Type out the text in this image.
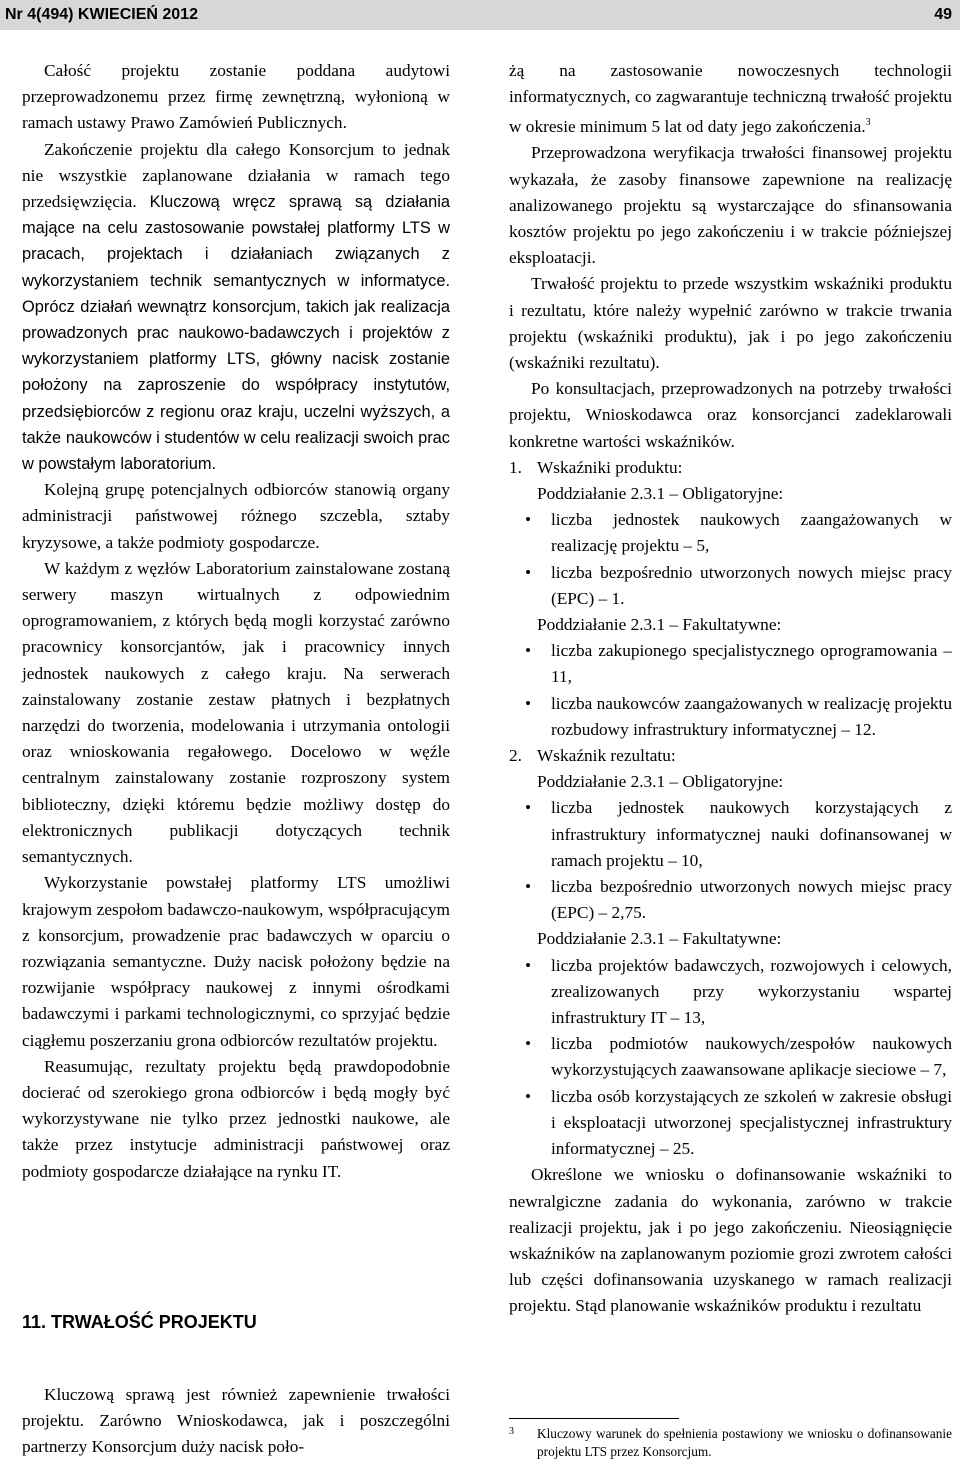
Nr 4(494) KWIECIEŃ 2012	49

Całość projektu zostanie poddana audytowi przeprowadzonemu przez firmę zewnętrzną, wyłonioną w ramach ustawy Prawo Zamówień Publicznych.

Zakończenie projektu dla całego Konsorcjum to jednak nie wszystkie zaplanowane działania w ramach tego przedsięwzięcia. Kluczową wręcz sprawą są działania mające na celu zastosowanie powstałej platformy LTS w pracach, projektach i działaniach związanych z wykorzystaniem technik semantycznych w informatyce. Oprócz działań wewnątrz konsorcjum, takich jak realizacja prowadzonych prac naukowo-badawczych i projektów z wykorzystaniem platformy LTS, główny nacisk zostanie położony na zaproszenie do współpracy instytutów, przedsiębiorców z regionu oraz kraju, uczelni wyższych, a także naukowców i studentów w celu realizacji swoich prac w powstałym laboratorium.

Kolejną grupę potencjalnych odbiorców stanowią organy administracji państwowej różnego szczebla, sztaby kryzysowe, a także podmioty gospodarcze.

W każdym z węzłów Laboratorium zainstalowane zostaną serwery maszyn wirtualnych z odpowiednim oprogramowaniem, z których będą mogli korzystać zarówno pracownicy konsorcjantów, jak i pracownicy innych jednostek naukowych z całego kraju. Na serwerach zainstalowany zostanie zestaw płatnych i bezpłatnych narzędzi do tworzenia, modelowania i utrzymania ontologii oraz wnioskowania regałowego. Docelowo w węźle centralnym zainstalowany zostanie rozproszony system biblioteczny, dzięki któremu będzie możliwy dostęp do elektronicznych publikacji dotyczących technik semantycznych.

Wykorzystanie powstałej platformy LTS umożliwi krajowym zespołom badawczo-naukowym, współpracującym z konsorcjum, prowadzenie prac badawczych w oparciu o rozwiązania semantyczne. Duży nacisk położony będzie na rozwijanie współpracy naukowej z innymi ośrodkami badawczymi i parkami technologicznymi, co sprzyjać będzie ciągłemu poszerzaniu grona odbiorców rezultatów projektu.

Reasumując, rezultaty projektu będą prawdopodobnie docierać od szerokiego grona odbiorców i będą mogły być wykorzystywane nie tylko przez jednostki naukowe, ale także przez instytucje administracji państwowej oraz podmioty gospodarcze działające na rynku IT.

11. TRWAŁOŚĆ PROJEKTU

Kluczową sprawą jest również zapewnienie trwałości projektu. Zarówno Wnioskodawca, jak i poszczególni partnerzy Konsorcjum duży nacisk poło-

żą na zastosowanie nowoczesnych technologii informatycznych, co zagwarantuje techniczną trwałość projektu w okresie minimum 5 lat od daty jego zakończenia.$^3$

Przeprowadzona weryfikacja trwałości finansowej projektu wykazała, że zasoby finansowe zapewnione na realizację analizowanego projektu są wystarczające do sfinansowania kosztów projektu po jego zakończeniu i w trakcie późniejszej eksploatacji.

Trwałość projektu to przede wszystkim wskaźniki produktu i rezultatu, które należy wypełnić zarówno w trakcie trwania projektu (wskaźniki produktu), jak i po jego zakończeniu (wskaźniki rezultatu).

Po konsultacjach, przeprowadzonych na potrzeby trwałości projektu, Wnioskodawca oraz konsorcjanci zadeklarowali konkretne wartości wskaźników.

1. Wskaźniki produktu:
Poddziałanie 2.3.1 – Obligatoryjne:
• liczba jednostek naukowych zaangażowanych w realizację projektu – 5,
• liczba bezpośrednio utworzonych nowych miejsc pracy (EPC) – 1.
Poddziałanie 2.3.1 – Fakultatywne:
• liczba zakupionego specjalistycznego oprogramowania – 11,
• liczba naukowców zaangażowanych w realizację projektu rozbudowy infrastruktury informatycznej – 12.
2. Wskaźnik rezultatu:
Poddziałanie 2.3.1 – Obligatoryjne:
• liczba jednostek naukowych korzystających z infrastruktury informatycznej nauki dofinansowanej w ramach projektu – 10,
• liczba bezpośrednio utworzonych nowych miejsc pracy (EPC) – 2,75.
Poddziałanie 2.3.1 – Fakultatywne:
• liczba projektów badawczych, rozwojowych i celowych, zrealizowanych przy wykorzystaniu wspartej infrastruktury IT – 13,
• liczba podmiotów naukowych/zespołów naukowych wykorzystujących zaawansowane aplikacje sieciowe – 7,
• liczba osób korzystających ze szkoleń w zakresie obsługi i eksploatacji utworzonej specjalistycznej infrastruktury informatycznej – 25.

Określone we wniosku o dofinansowanie wskaźniki to newralgiczne zadania do wykonania, zarówno w trakcie realizacji projektu, jak i po jego zakończeniu. Nieosiągnięcie wskaźników na zaplanowanym poziomie grozi zwrotem całości lub części dofinansowania uzyskanego w ramach realizacji projektu. Stąd planowanie wskaźników produktu i rezultatu

3	Kluczowy warunek do spełnienia postawiony we wniosku o dofinansowanie projektu LTS przez Konsorcjum.
